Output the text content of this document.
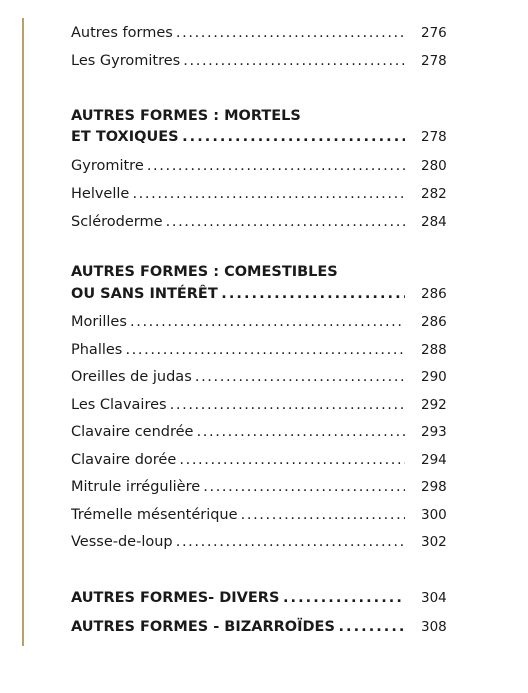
Autres formes . . .	276
Les Gyromitres . . .	278
AUTRES FORMES : MORTELS
ET TOXIQUES . . .	278
Gyromitre . . .	280
Helvelle . . .	282
Scléroderme . . .	284
AUTRES FORMES : COMESTIBLES
OU SANS INTÉRÊT . . .	286
Morilles . . .	286
Phalles . . .	288
Oreilles de judas . . .	290
Les Clavaires . . .	292
Clavaire cendrée . . .	293
Clavaire dorée . . .	294
Mitrule irrégulière . . .	298
Trémelle mésentérique . . .	300
Vesse-de-loup . . .	302
AUTRES FORMES- DIVERS . . .	304
AUTRES FORMES - BIZARROÏDES . . .	308
